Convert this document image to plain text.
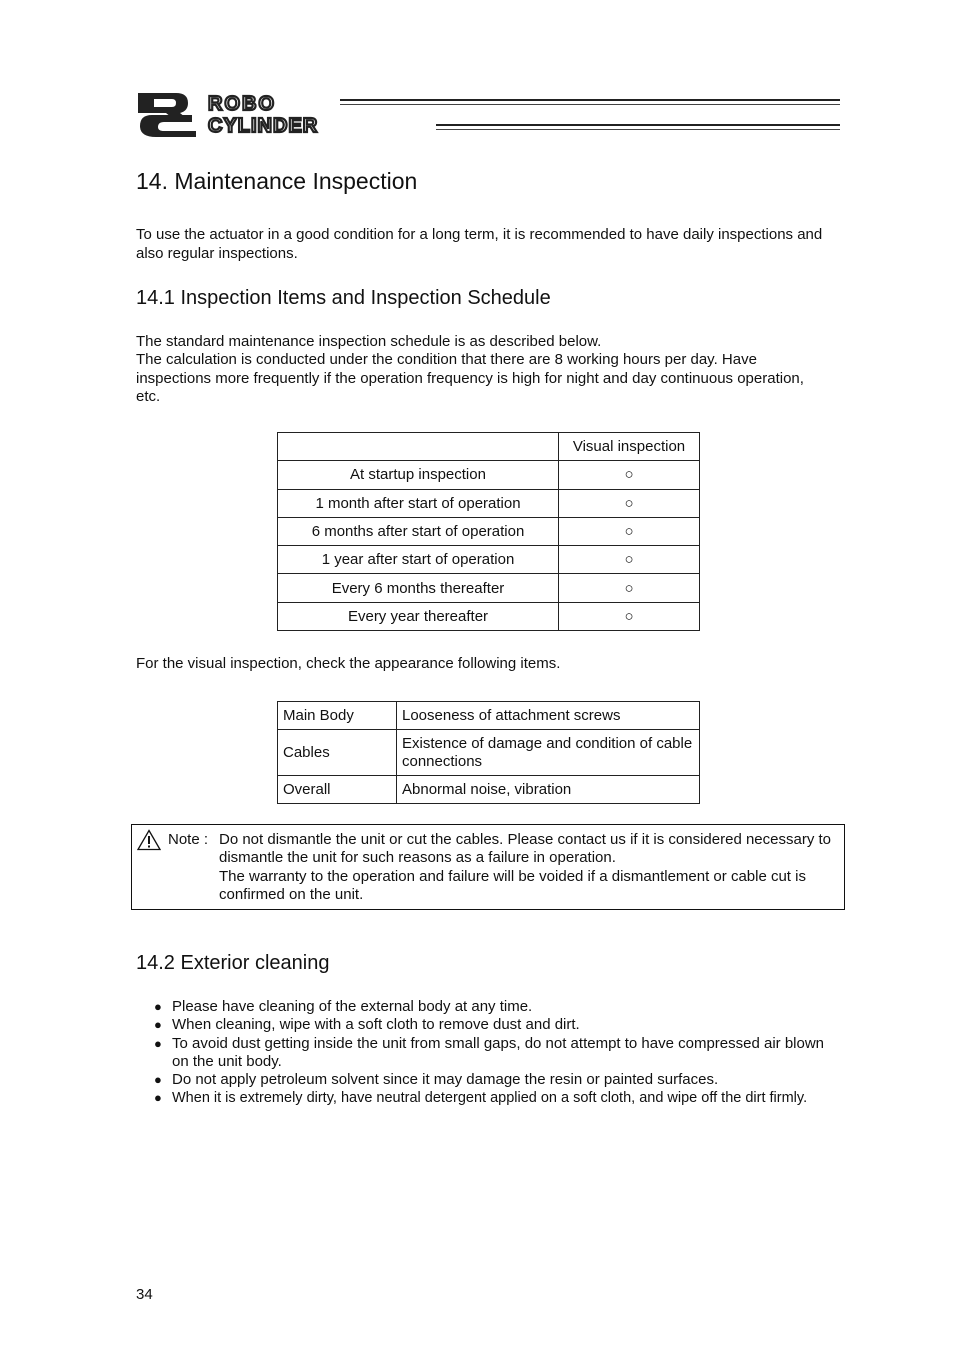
ROBO
CYLINDER
14. Maintenance Inspection

To use the actuator in a good condition for a long term, it is recommended to have daily inspections and also regular inspections.

14.1 Inspection Items and Inspection Schedule

The standard maintenance inspection schedule is as described below.

The calculation is conducted under the condition that there are 8 working hours per day. Have inspections more frequently if the operation frequency is high for night and day continuous operation, etc.

	Visual inspection
At startup inspection	○
1 month after start of operation	○
6 months after start of operation	○
1 year after start of operation	○
Every 6 months thereafter	○
Every year thereafter	○

For the visual inspection, check the appearance following items.

Main Body	Looseness of attachment screws
Cables	Existence of damage and condition of cable connections
Overall	Abnormal noise, vibration
Note : Do not dismantle the unit or cut the cables. Please contact us if it is considered necessary to dismantle the unit for such reasons as a failure in operation.

The warranty to the operation and failure will be voided if a dismantlement or cable cut is confirmed on the unit.

14.2 Exterior cleaning
● Please have cleaning of the external body at any time.
● When cleaning, wipe with a soft cloth to remove dust and dirt.
● To avoid dust getting inside the unit from small gaps, do not attempt to have compressed air blown on the unit body.
● Do not apply petroleum solvent since it may damage the resin or painted surfaces.
● When it is extremely dirty, have neutral detergent applied on a soft cloth, and wipe off the dirt firmly.
34
